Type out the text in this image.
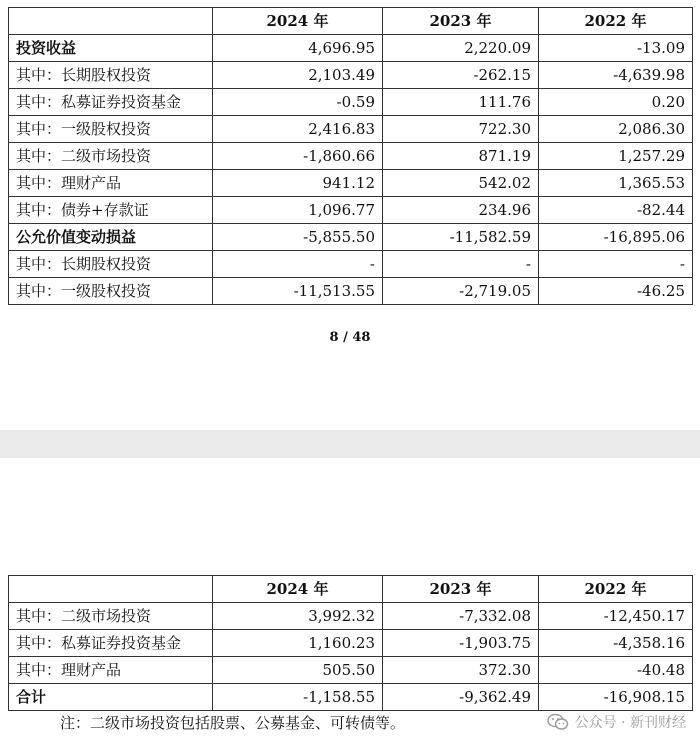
	2024 年	2023 年	2022 年
投资收益	4,696.95	2,220.09	-13.09
其中：长期股权投资	2,103.49	-262.15	-4,639.98
其中：私募证券投资基金	-0.59	111.76	0.20
其中：一级股权投资	2,416.83	722.30	2,086.30
其中：二级市场投资	-1,860.66	871.19	1,257.29
其中：理财产品	941.12	542.02	1,365.53
其中：债券+存款证	1,096.77	234.96	-82.44
公允价值变动损益	-5,855.50	-11,582.59	-16,895.06
其中：长期股权投资	-	-	-
其中：一级股权投资	-11,513.55	-2,719.05	-46.25
8 / 48
	2024 年	2023 年	2022 年
其中：二级市场投资	3,992.32	-7,332.08	-12,450.17
其中：私募证券投资基金	1,160.23	-1,903.75	-4,358.16
其中：理财产品	505.50	372.30	-40.48
合计	-1,158.55	-9,362.49	-16,908.15
注：二级市场投资包括股票、公募基金、可转债等。	公众号 · 新刊财经
